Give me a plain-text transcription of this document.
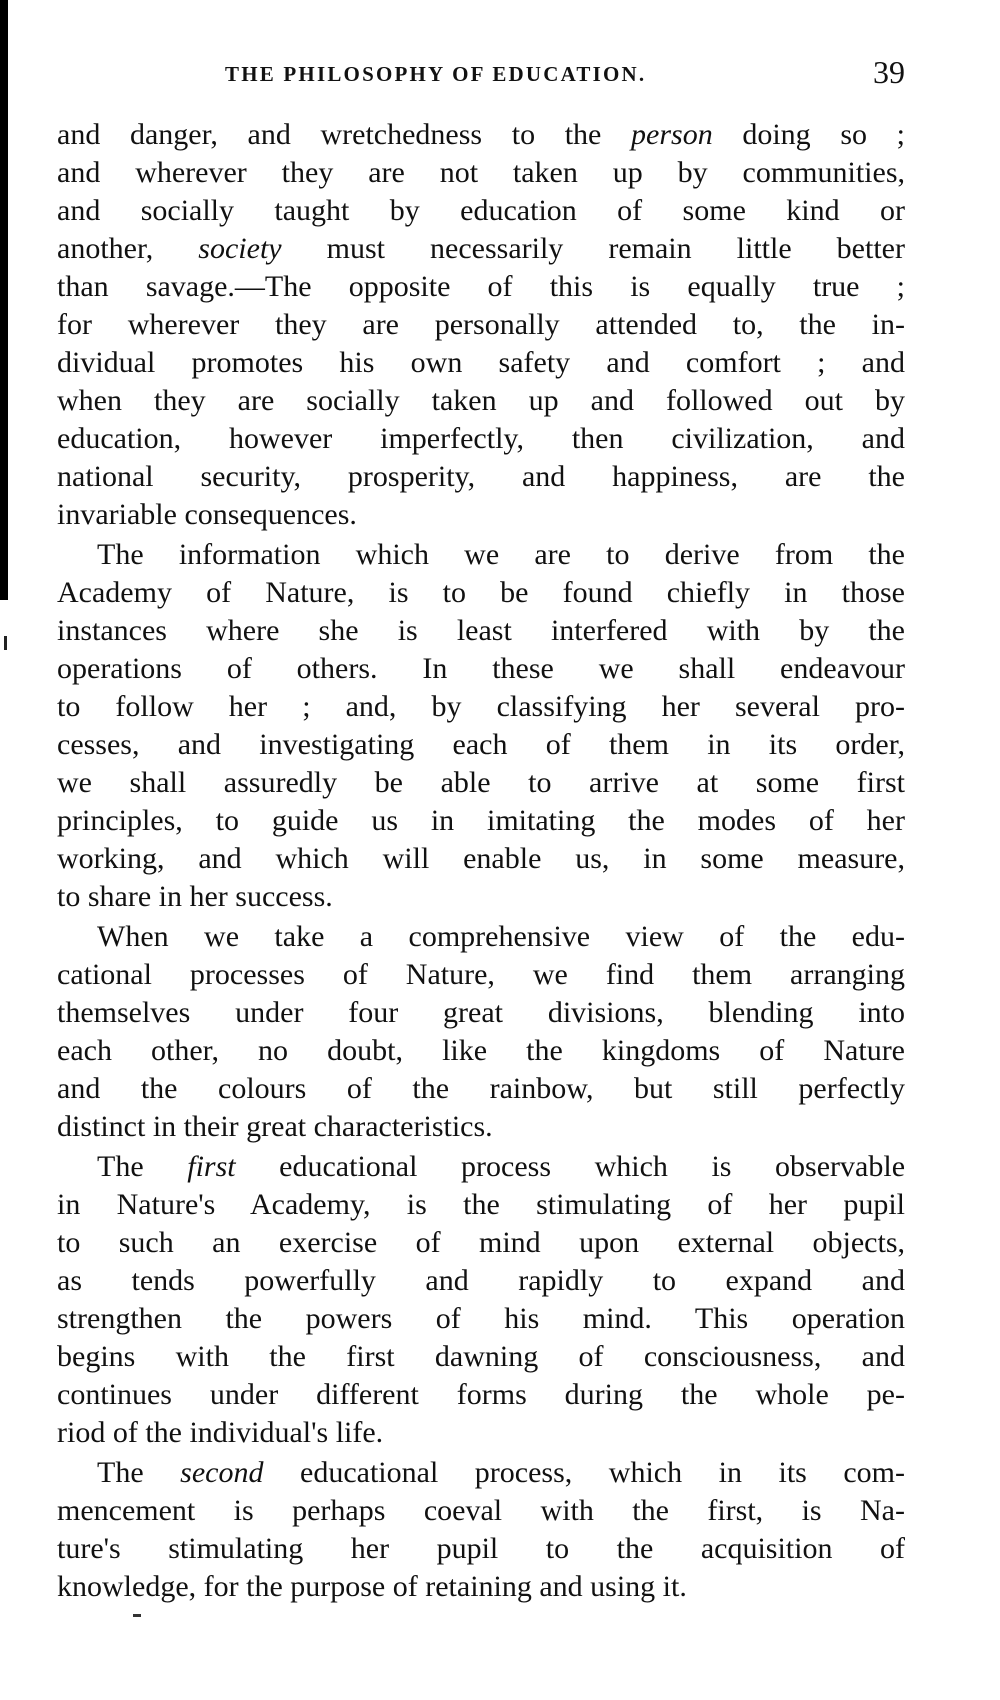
THE PHILOSOPHY OF EDUCATION.	39
and danger, and wretchedness to the person doing so ;
and wherever they are not taken up by communities,
and socially taught by education of some kind or
another, society must necessarily remain little better
than savage.—The opposite of this is equally true ;
for wherever they are personally attended to, the in-
dividual promotes his own safety and comfort ; and
when they are socially taken up and followed out by
education, however imperfectly, then civilization, and
national security, prosperity, and happiness, are the
invariable consequences.
The information which we are to derive from the
Academy of Nature, is to be found chiefly in those
instances where she is least interfered with by the
operations of others. In these we shall endeavour
to follow her ; and, by classifying her several pro-
cesses, and investigating each of them in its order,
we shall assuredly be able to arrive at some first
principles, to guide us in imitating the modes of her
working, and which will enable us, in some measure,
to share in her success.
When we take a comprehensive view of the edu-
cational processes of Nature, we find them arranging
themselves under four great divisions, blending into
each other, no doubt, like the kingdoms of Nature
and the colours of the rainbow, but still perfectly
distinct in their great characteristics.
The first educational process which is observable
in Nature's Academy, is the stimulating of her pupil
to such an exercise of mind upon external objects,
as tends powerfully and rapidly to expand and
strengthen the powers of his mind. This operation
begins with the first dawning of consciousness, and
continues under different forms during the whole pe-
riod of the individual's life.
The second educational process, which in its com-
mencement is perhaps coeval with the first, is Na-
ture's stimulating her pupil to the acquisition of
knowledge, for the purpose of retaining and using it.
